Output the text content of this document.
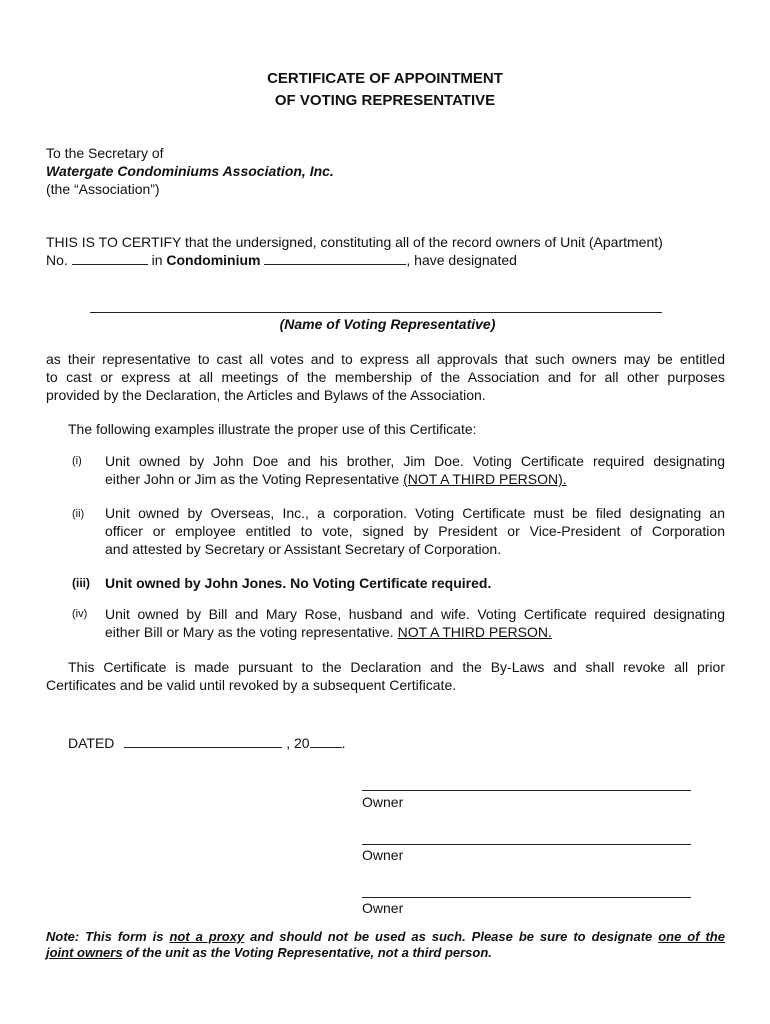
CERTIFICATE OF APPOINTMENT
OF VOTING REPRESENTATIVE
To the Secretary of
Watergate Condominiums Association, Inc.
(the “Association”)
THIS IS TO CERTIFY that the undersigned, constituting all of the record owners of Unit (Apartment)
No.	in Condominium	, have designated
(Name of Voting Representative)
as their representative to cast all votes and to express all approvals that such owners may be entitled
to cast or express at all meetings of the membership of the Association and for all other purposes
provided by the Declaration, the Articles and Bylaws of the Association.
The following examples illustrate the proper use of this Certificate:
(i) Unit owned by John Doe and his brother, Jim Doe. Voting Certificate required designating
either John or Jim as the Voting Representative (NOT A THIRD PERSON).
(ii) Unit owned by Overseas, Inc., a corporation. Voting Certificate must be filed designating an
officer or employee entitled to vote, signed by President or Vice-President of Corporation
and attested by Secretary or Assistant Secretary of Corporation.
(iii) Unit owned by John Jones. No Voting Certificate required.
(iv) Unit owned by Bill and Mary Rose, husband and wife. Voting Certificate required designating
either Bill or Mary as the voting representative. NOT A THIRD PERSON.
This Certificate is made pursuant to the Declaration and the By-Laws and shall revoke all prior
Certificates and be valid until revoked by a subsequent Certificate.
DATED	, 20 .
Owner
Owner
Owner
Note: This form is not a proxy and should not be used as such. Please be sure to designate one of the
joint owners of the unit as the Voting Representative, not a third person.
